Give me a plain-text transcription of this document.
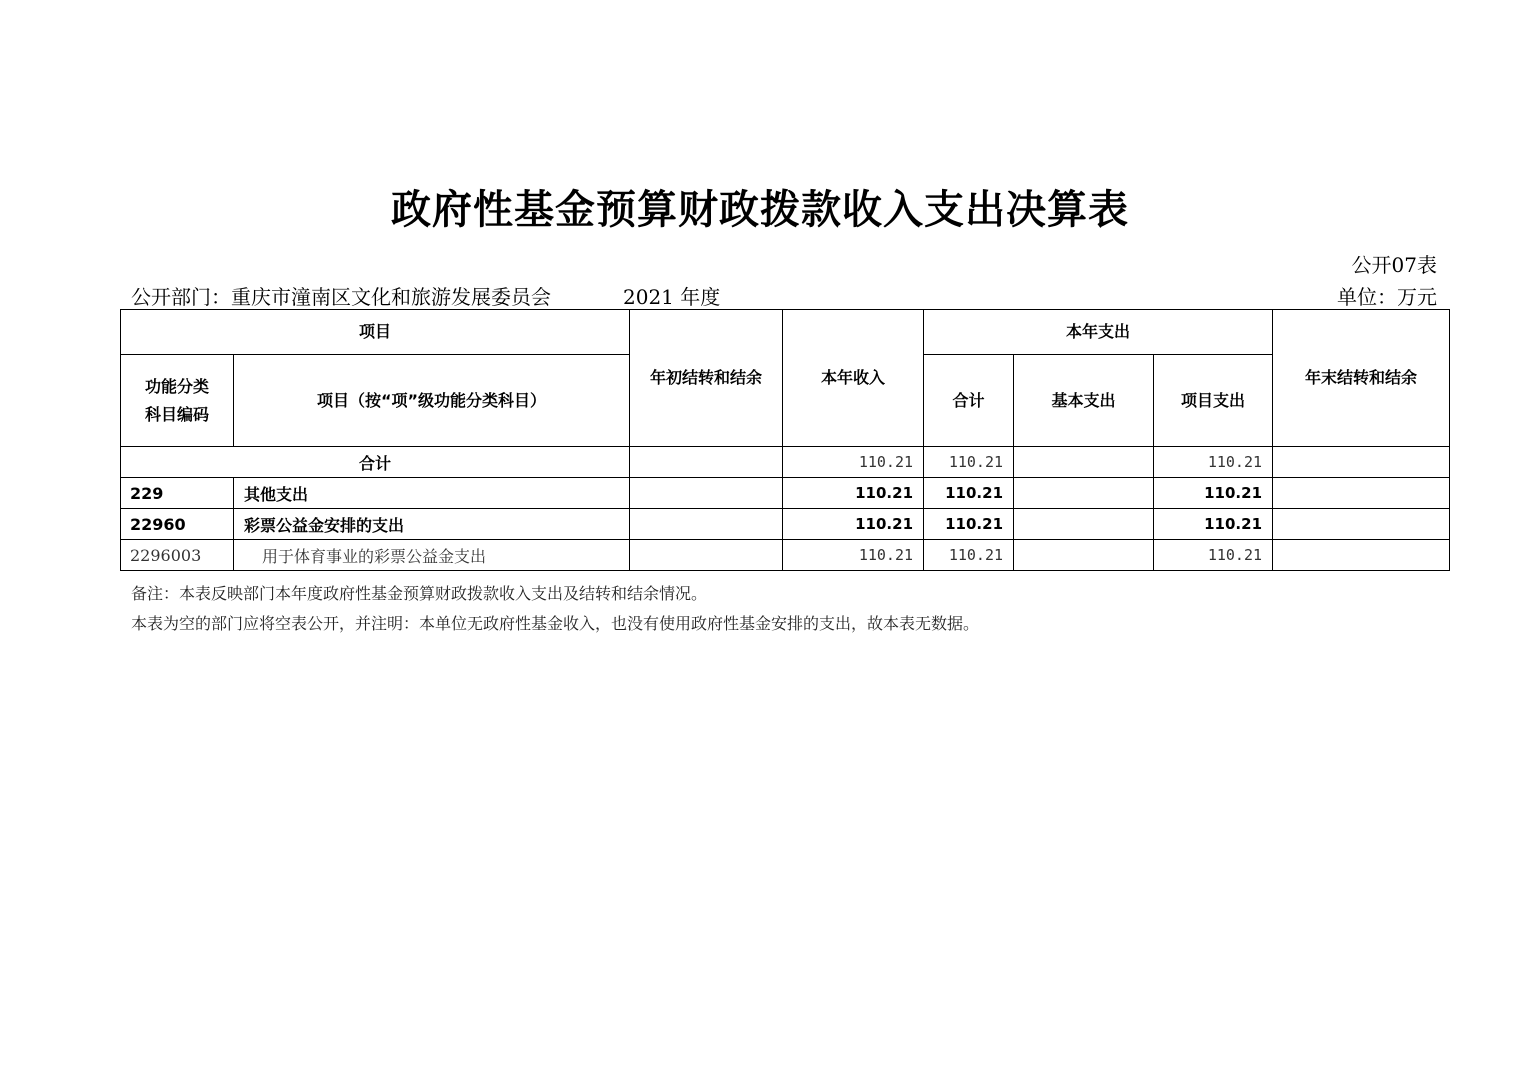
政府性基金预算财政拨款收入支出决算表
公开07表
公开部门：重庆市潼南区文化和旅游发展委员会	2021 年度	单位：万元
项目		年初结转和结余	本年收入	本年支出			年末结转和结余
功能分类
科目编码	项目（按“项”级功能分类科目）			合计	基本支出	项目支出	
合计			110.21	110.21		110.21	
229	其他支出		110.21	110.21		110.21	
22960	彩票公益金安排的支出		110.21	110.21		110.21	
2296003	用于体育事业的彩票公益金支出		110.21	110.21		110.21	
备注：本表反映部门本年度政府性基金预算财政拨款收入支出及结转和结余情况。
本表为空的部门应将空表公开，并注明：本单位无政府性基金收入，也没有使用政府性基金安排的支出，故本表无数据。
